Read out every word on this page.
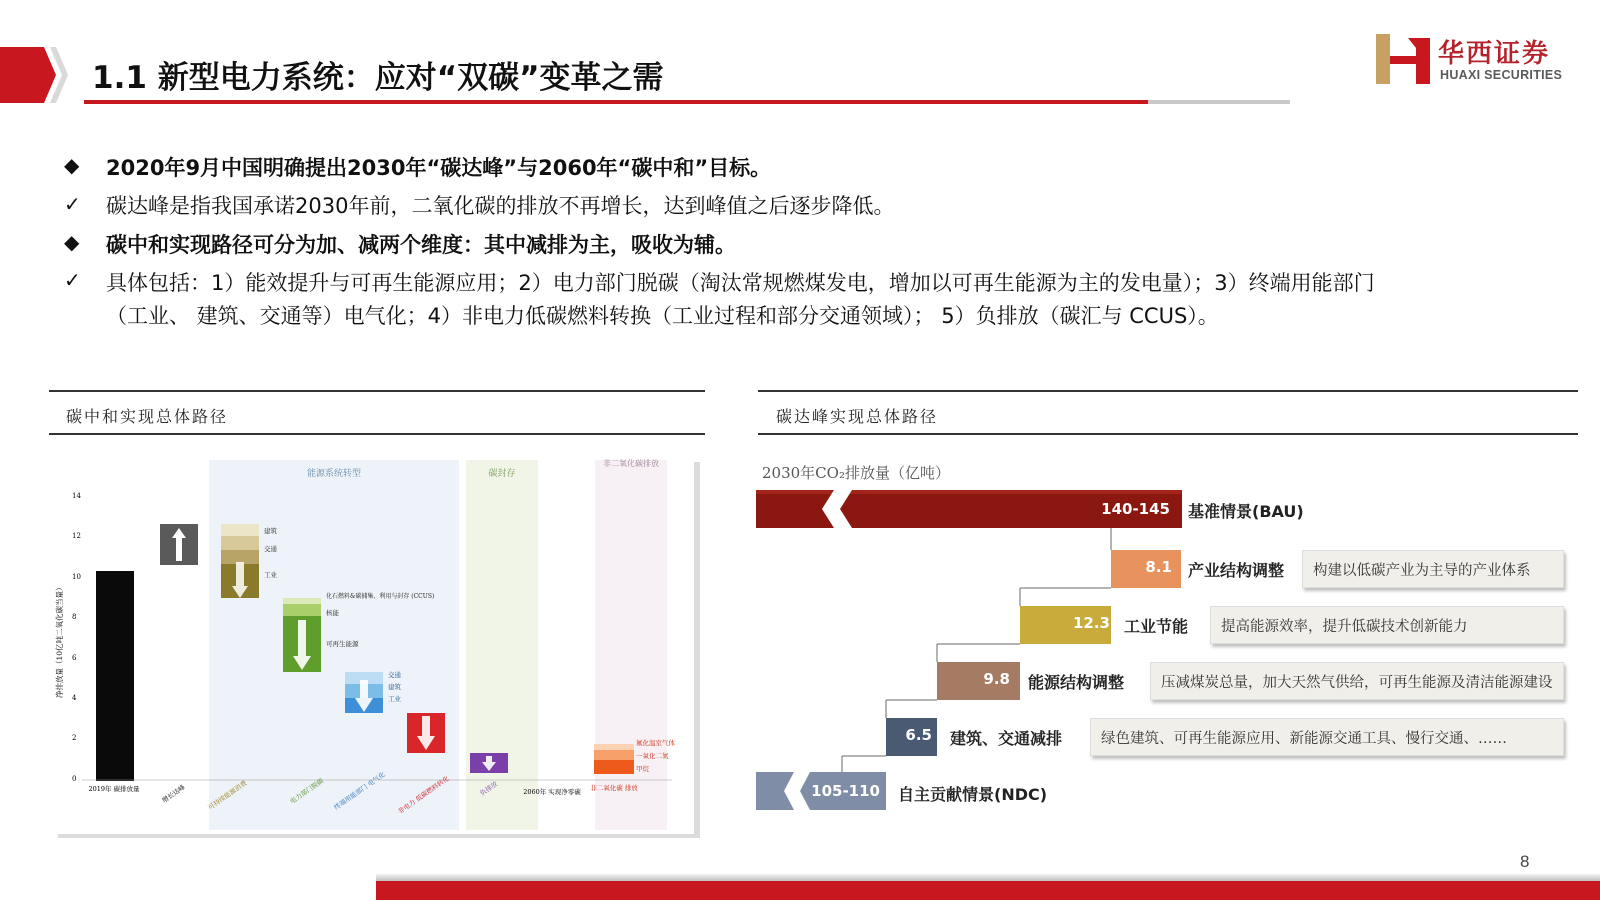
1.1 新型电力系统：应对“双碳”变革之需
华西证券
HUAXI SECURITIES
◆ 2020年9月中国明确提出2030年“碳达峰”与2060年“碳中和”目标。
✓ 碳达峰是指我国承诺2030年前，二氧化碳的排放不再增长，达到峰值之后逐步降低。
◆ 碳中和实现路径可分为加、减两个维度：其中减排为主，吸收为辅。
✓ 具体包括：1）能效提升与可再生能源应用；2）电力部门脱碳（淘汰常规燃煤发电，增加以可再生能源为主的发电量）；3）终端用能部门
（工业、 建筑、交通等）电气化；4）非电力低碳燃料转换（工业过程和部分交通领域）； 5）负排放（碳汇与 CCUS）。
碳中和实现总体路径
14
12
10
8
6
4
2
0
净排放量（10亿吨二氧化碳当量）
能源系统转型	碳封存
非二氧化碳排放
建筑
交通
工业
化石燃料&碳捕集、利用与封存 (CCUS)
核能
可再生能源
交通
建筑
工业
氟化温室气体
一氧化二氮
甲烷
2019年 碳排放量	增长达峰	可持续能源消费	电力部门脱碳 终端用能部门 电气化 非电力 低碳燃料转化	负排放	2060年 实现净零碳 非二氧化碳 排放
碳达峰实现总体路径
2030年CO₂排放量（亿吨）
140-145
8.1
12.3
9.8
6.5
105-110
基准情景(BAU)
产业结构调整
工业节能
能源结构调整
建筑、交通减排
自主贡献情景(NDC)
构建以低碳产业为主导的产业体系
提高能源效率，提升低碳技术创新能力
压减煤炭总量，加大天然气供给，可再生能源及清洁能源建设
绿色建筑、可再生能源应用、新能源交通工具、慢行交通、……
8
